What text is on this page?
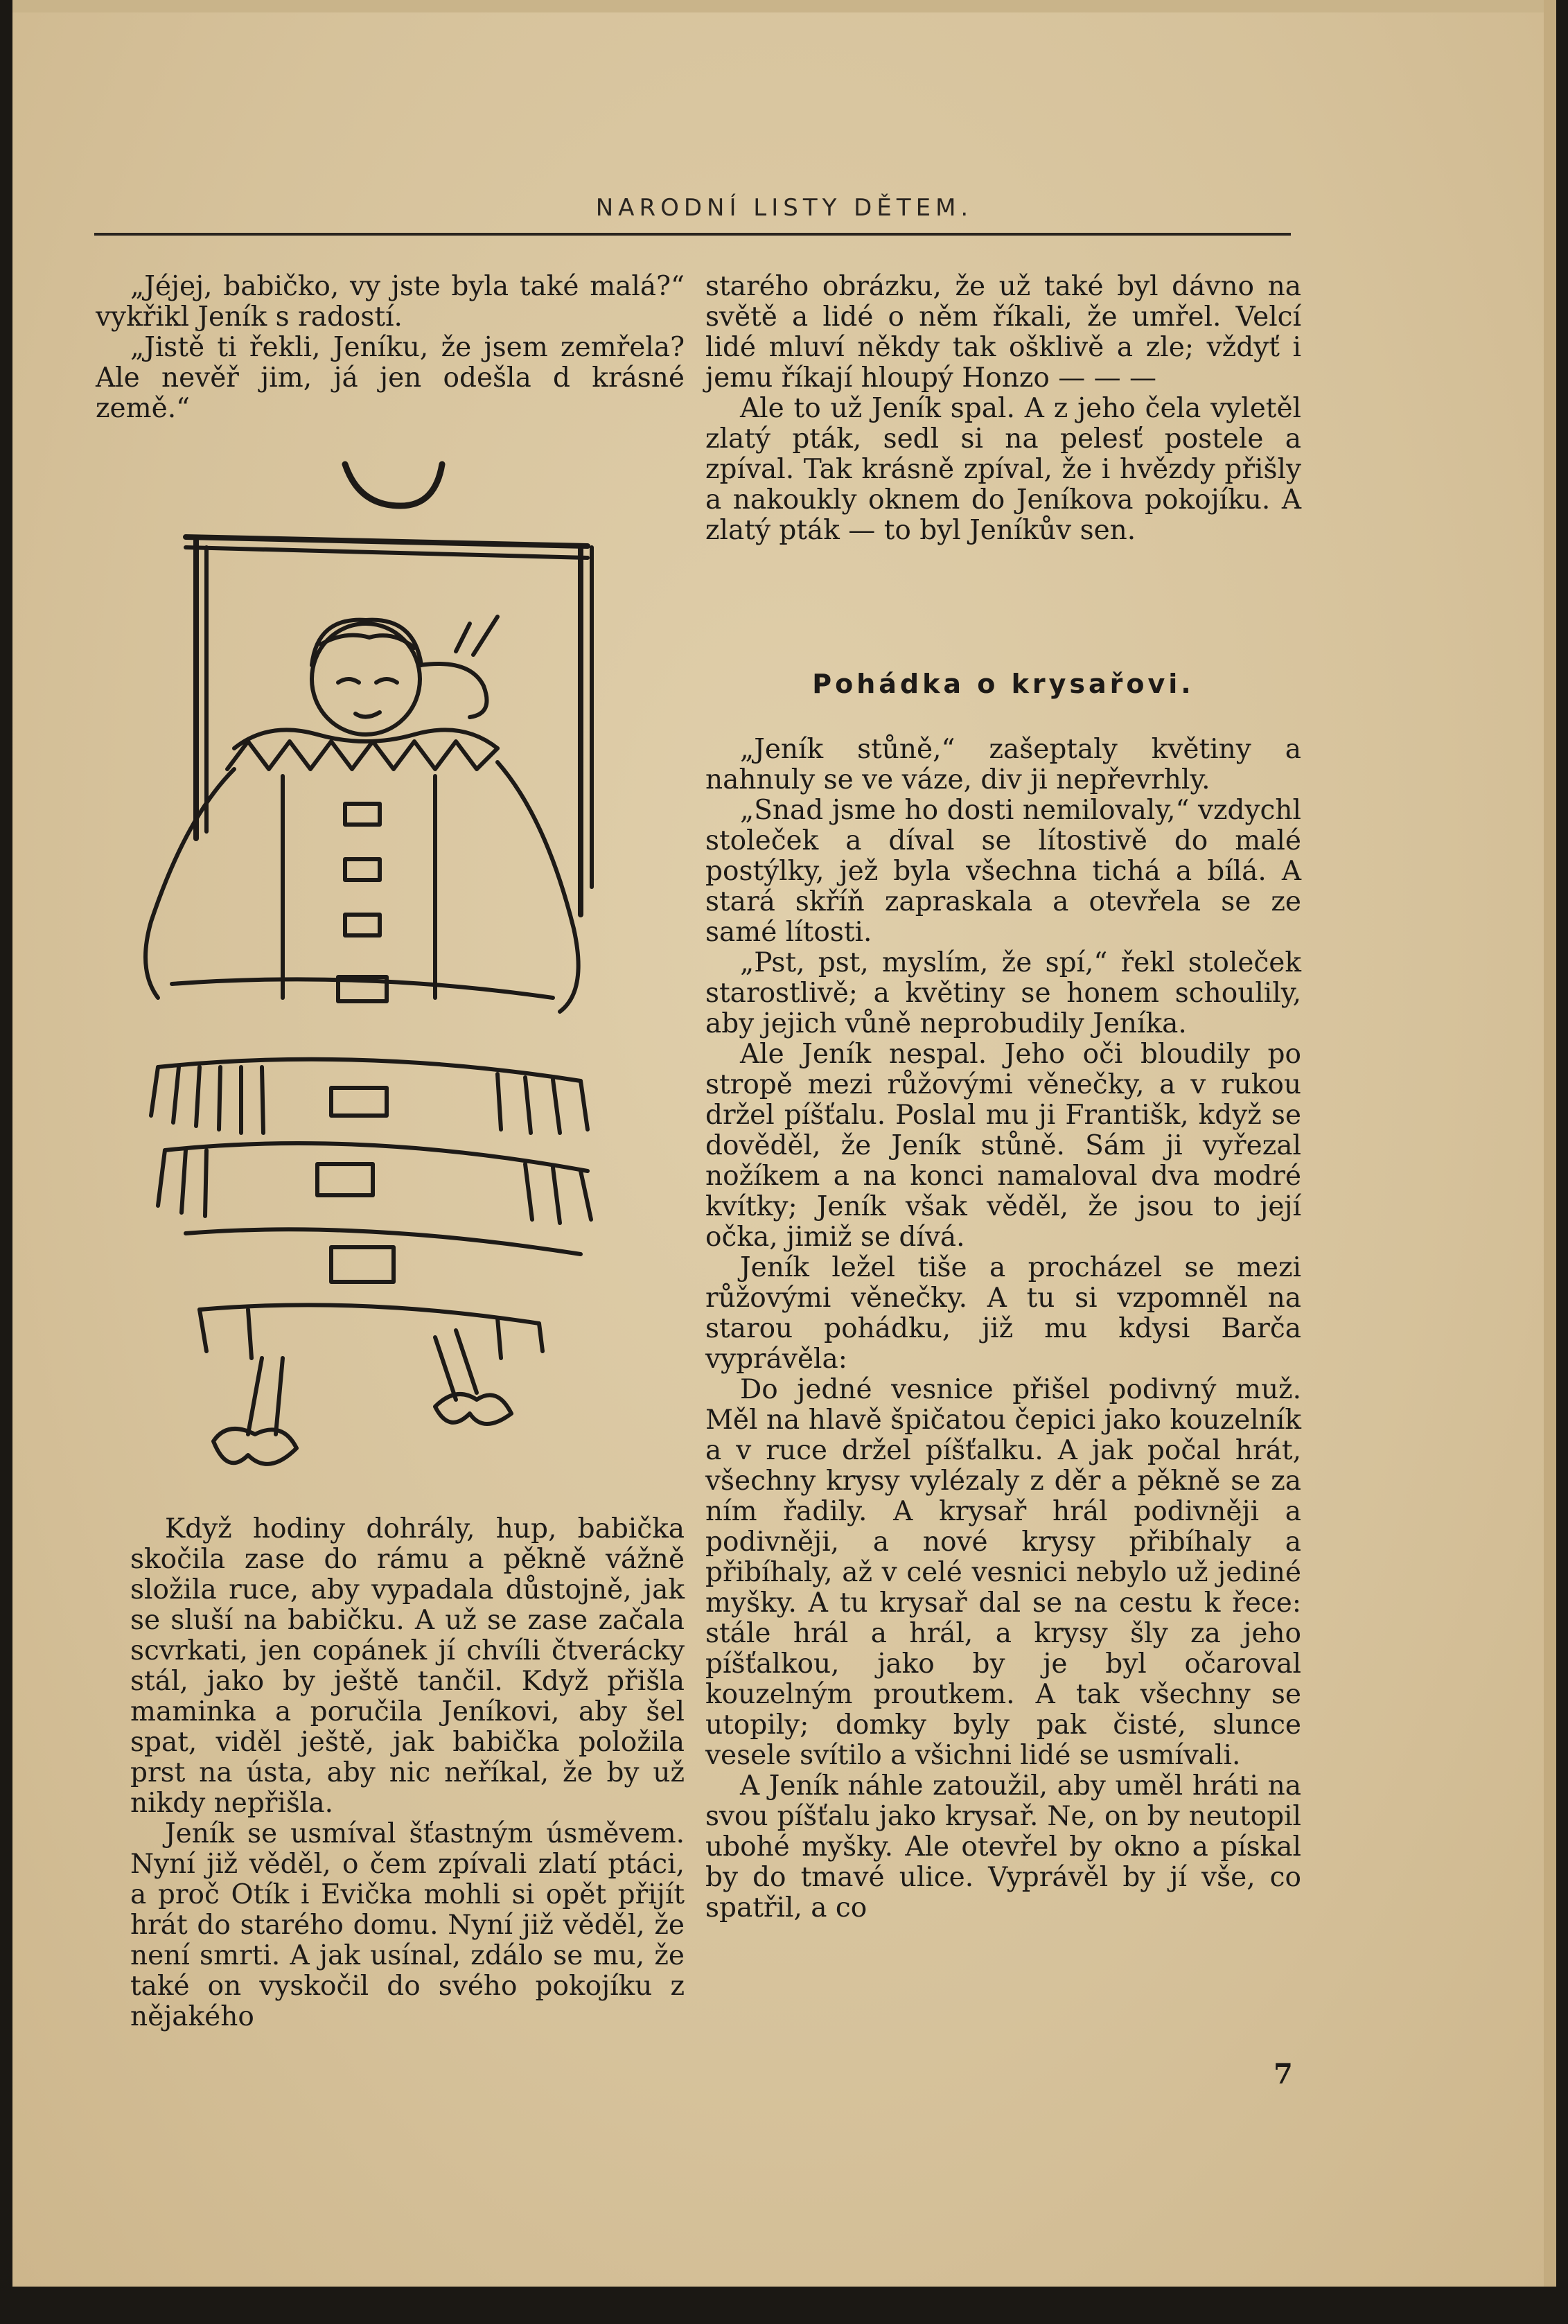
NARODNÍ LISTY DĚTEM.

„Jéjej, babičko, vy jste byla také malá?“ vykřikl Jeník s radostí.

„Jistě ti řekli, Jeníku, že jsem zemřela? Ale nevěř jim, já jen odešla d krásné země.“

Když hodiny dohrály, hup, babička skočila zase do rámu a pěkně vážně složila ruce, aby vypadala důstojně, jak se sluší na babičku. A už se zase začala scvrkati, jen copánek jí chvíli čtverácky stál, jako by ještě tančil. Když přišla maminka a poručila Jeníkovi, aby šel spat, viděl ještě, jak babička položila prst na ústa, aby nic neříkal, že by už nikdy nepřišla.

Jeník se usmíval šťastným úsměvem. Nyní již věděl, o čem zpívali zlatí ptáci, a proč Otík i Evička mohli si opět přijít hrát do starého domu. Nyní již věděl, že není smrti. A jak usínal, zdálo se mu, že také on vyskočil do svého pokojíku z nějakého

starého obrázku, že už také byl dávno na světě a lidé o něm říkali, že umřel. Velcí lidé mluví někdy tak ošklivě a zle; vždyť i jemu říkají hloupý Honzo — — —

Ale to už Jeník spal. A z jeho čela vyletěl zlatý pták, sedl si na pelesť postele a zpíval. Tak krásně zpíval, že i hvězdy přišly a nakoukly oknem do Jeníkova pokojíku. A zlatý pták — to byl Jeníkův sen.

Pohádka o krysařovi.

„Jeník stůně,“ zašeptaly květiny a nahnuly se ve váze, div ji nepřevrhly.

„Snad jsme ho dosti nemilovaly,“ vzdychl stoleček a díval se lítostivě do malé postýlky, jež byla všechna tichá a bílá. A stará skříň zapraskala a otevřela se ze samé lítosti.

„Pst, pst, myslím, že spí,“ řekl stoleček starostlivě; a květiny se honem schoulily, aby jejich vůně neprobudily Jeníka.

Ale Jeník nespal. Jeho oči bloudily po stropě mezi růžovými věnečky, a v rukou držel píšťalu. Poslal mu ji Františk, když se dověděl, že Jeník stůně. Sám ji vyřezal nožíkem a na konci namaloval dva modré kvítky; Jeník však věděl, že jsou to její očka, jimiž se dívá.

Jeník ležel tiše a procházel se mezi růžovými věnečky. A tu si vzpomněl na starou pohádku, již mu kdysi Barča vyprávěla:

Do jedné vesnice přišel podivný muž. Měl na hlavě špičatou čepici jako kouzelník a v ruce držel píšťalku. A jak počal hrát, všechny krysy vylézaly z děr a pěkně se za ním řadily. A krysař hrál podivněji a podivněji, a nové krysy přibíhaly a přibíhaly, až v celé vesnici nebylo už jediné myšky. A tu krysař dal se na cestu k řece: stále hrál a hrál, a krysy šly za jeho píšťalkou, jako by je byl očaroval kouzelným proutkem. A tak všechny se utopily; domky byly pak čisté, slunce vesele svítilo a všichni lidé se usmívali.

A Jeník náhle zatoužil, aby uměl hráti na svou píšťalu jako krysař. Ne, on by neutopil ubohé myšky. Ale otevřel by okno a pískal by do tmavé ulice. Vyprávěl by jí vše, co spatřil, a co

7
